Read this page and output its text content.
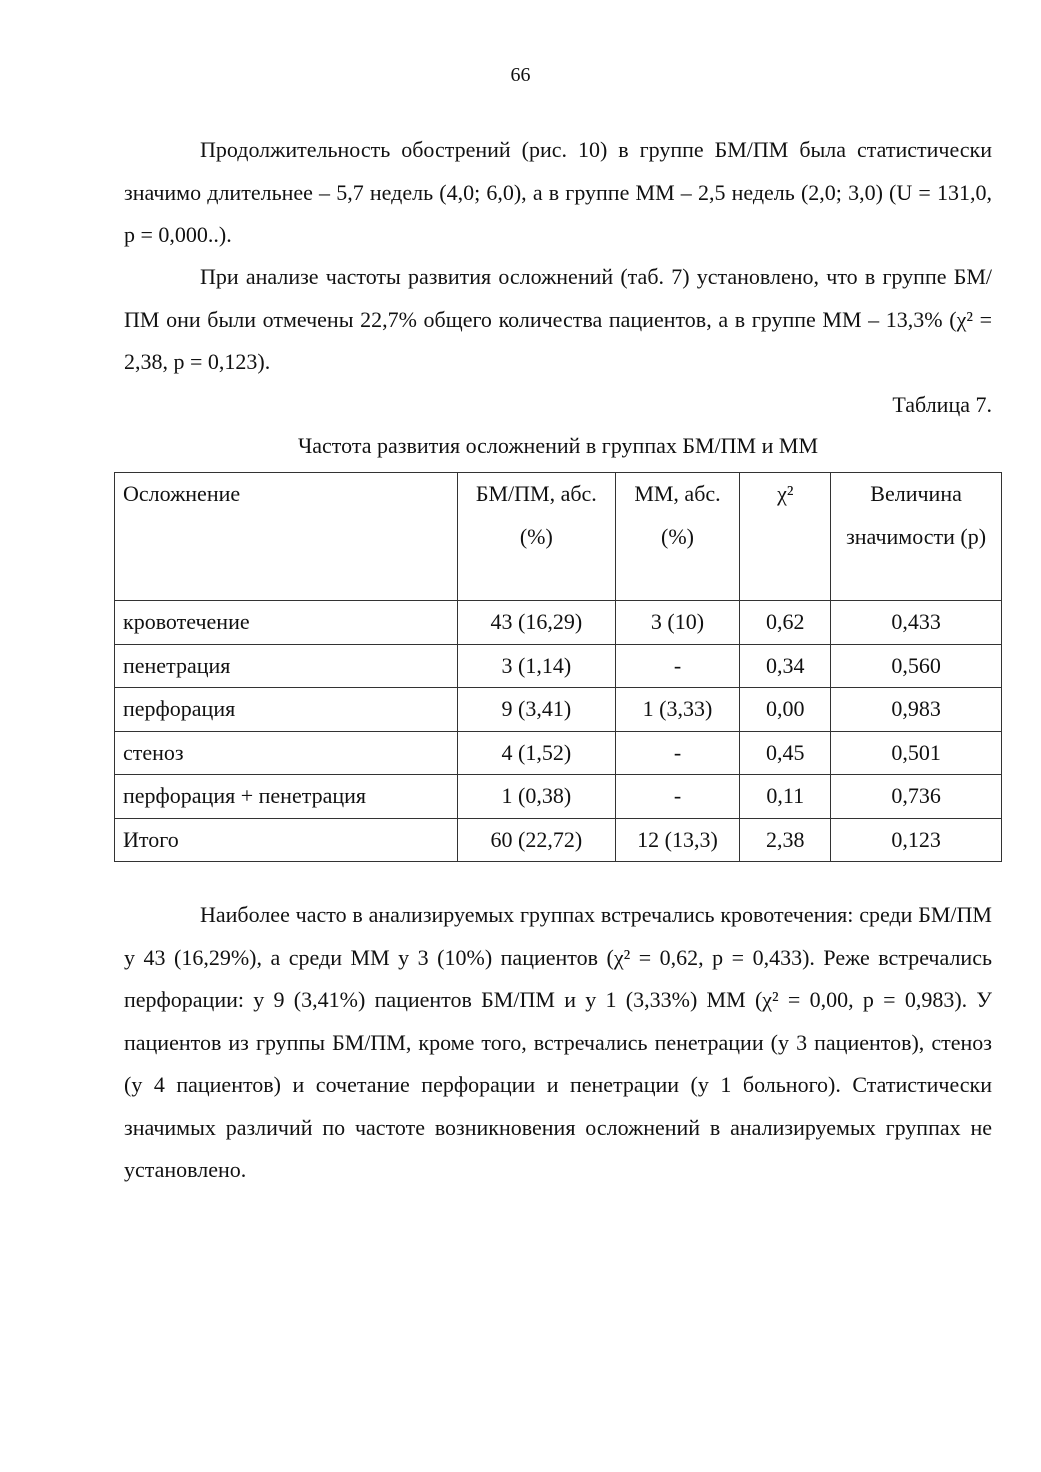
66

Продолжительность обострений (рис. 10) в группе БМ/ПМ была статистически значимо длительнее – 5,7 недель (4,0; 6,0), а в группе ММ – 2,5 недель (2,0; 3,0) (U = 131,0, p = 0,000..).

При анализе частоты развития осложнений (таб. 7) установлено, что в группе БМ/ПМ они были отмечены 22,7% общего количества пациентов, а в группе ММ – 13,3% (χ² = 2,38, p = 0,123).

Таблица 7.
Частота развития осложнений в группах БМ/ПМ и ММ
Осложнение	БМ/ПМ, абс. (%)	ММ, абс. (%)	χ²	Величина значимости (p)
кровотечение	43 (16,29)	3 (10)	0,62	0,433
пенетрация	3 (1,14)	-	0,34	0,560
перфорация	9 (3,41)	1 (3,33)	0,00	0,983
стеноз	4 (1,52)	-	0,45	0,501
перфорация + пенетрация	1 (0,38)	-	0,11	0,736
Итого	60 (22,72)	12 (13,3)	2,38	0,123

Наиболее часто в анализируемых группах встречались кровотечения: среди БМ/ПМ у 43 (16,29%), а среди ММ у 3 (10%) пациентов (χ² = 0,62, p = 0,433). Реже встречались перфорации: у 9 (3,41%) пациентов БМ/ПМ и у 1 (3,33%) ММ (χ² = 0,00, p = 0,983). У пациентов из группы БМ/ПМ, кроме того, встречались пенетрации (у 3 пациентов), стеноз (у 4 пациентов) и сочетание перфорации и пенетрации (у 1 больного). Статистически значимых различий по частоте возникновения осложнений в анализируемых группах не установлено.
